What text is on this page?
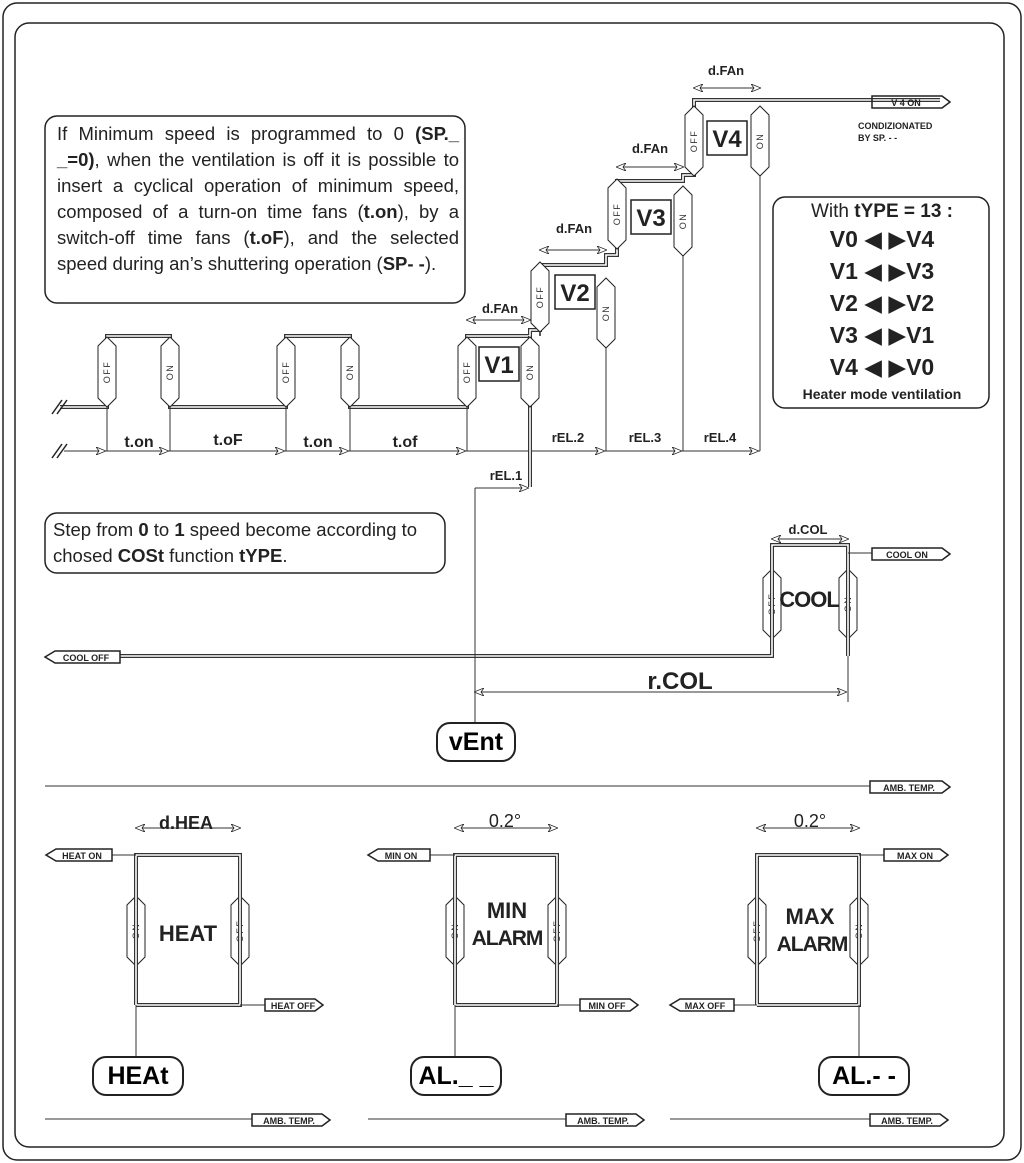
t.on	t.oF	t.on	t.of
d.FAn
d.FAn
d.FAn
d.FAn
V1
V2
V3
V4
rEL.1
rEL.2	rEL.3	rEL.4
V 4 ON
CONDIZIONATED
BY SP. - -
OFF	ON	OFF	ON	OFF	ON
OFF
ON
OFF	ON
OFF	ON
OFF	ON
ON	OFF	ON	OFF	OFF	ON
d.COL
COOL ON
COOL OFF
COOL
r.COL
AMB. TEMP.
d.HEA
HEAT ON
HEAT OFF
HEAT
0.2°
MIN ON
MIN OFF
MIN
ALARM
0.2°
MAX ON
MAX OFF
MAX
ALARM
AMB. TEMP.	AMB. TEMP.	AMB. TEMP.
vEnt
HEAt	AL._ _	AL.- -
If Minimum speed is programmed to 0 (SP._ _=0), when the ventilation is off it is possible to insert a cyclical operation of minimum speed, composed of a turn-on time fans (t.on), by a switch-off time fans (t.oF), and the selected speed during an’s shuttering operation (SP- -).
Step from 0 to 1 speed become according to chosed COSt function tYPE.
With tYPE = 13 :
V0 ◀ ▶V4
V1 ◀ ▶V3
V2 ◀ ▶V2
V3 ◀ ▶V1
V4 ◀ ▶V0
Heater mode ventilation
